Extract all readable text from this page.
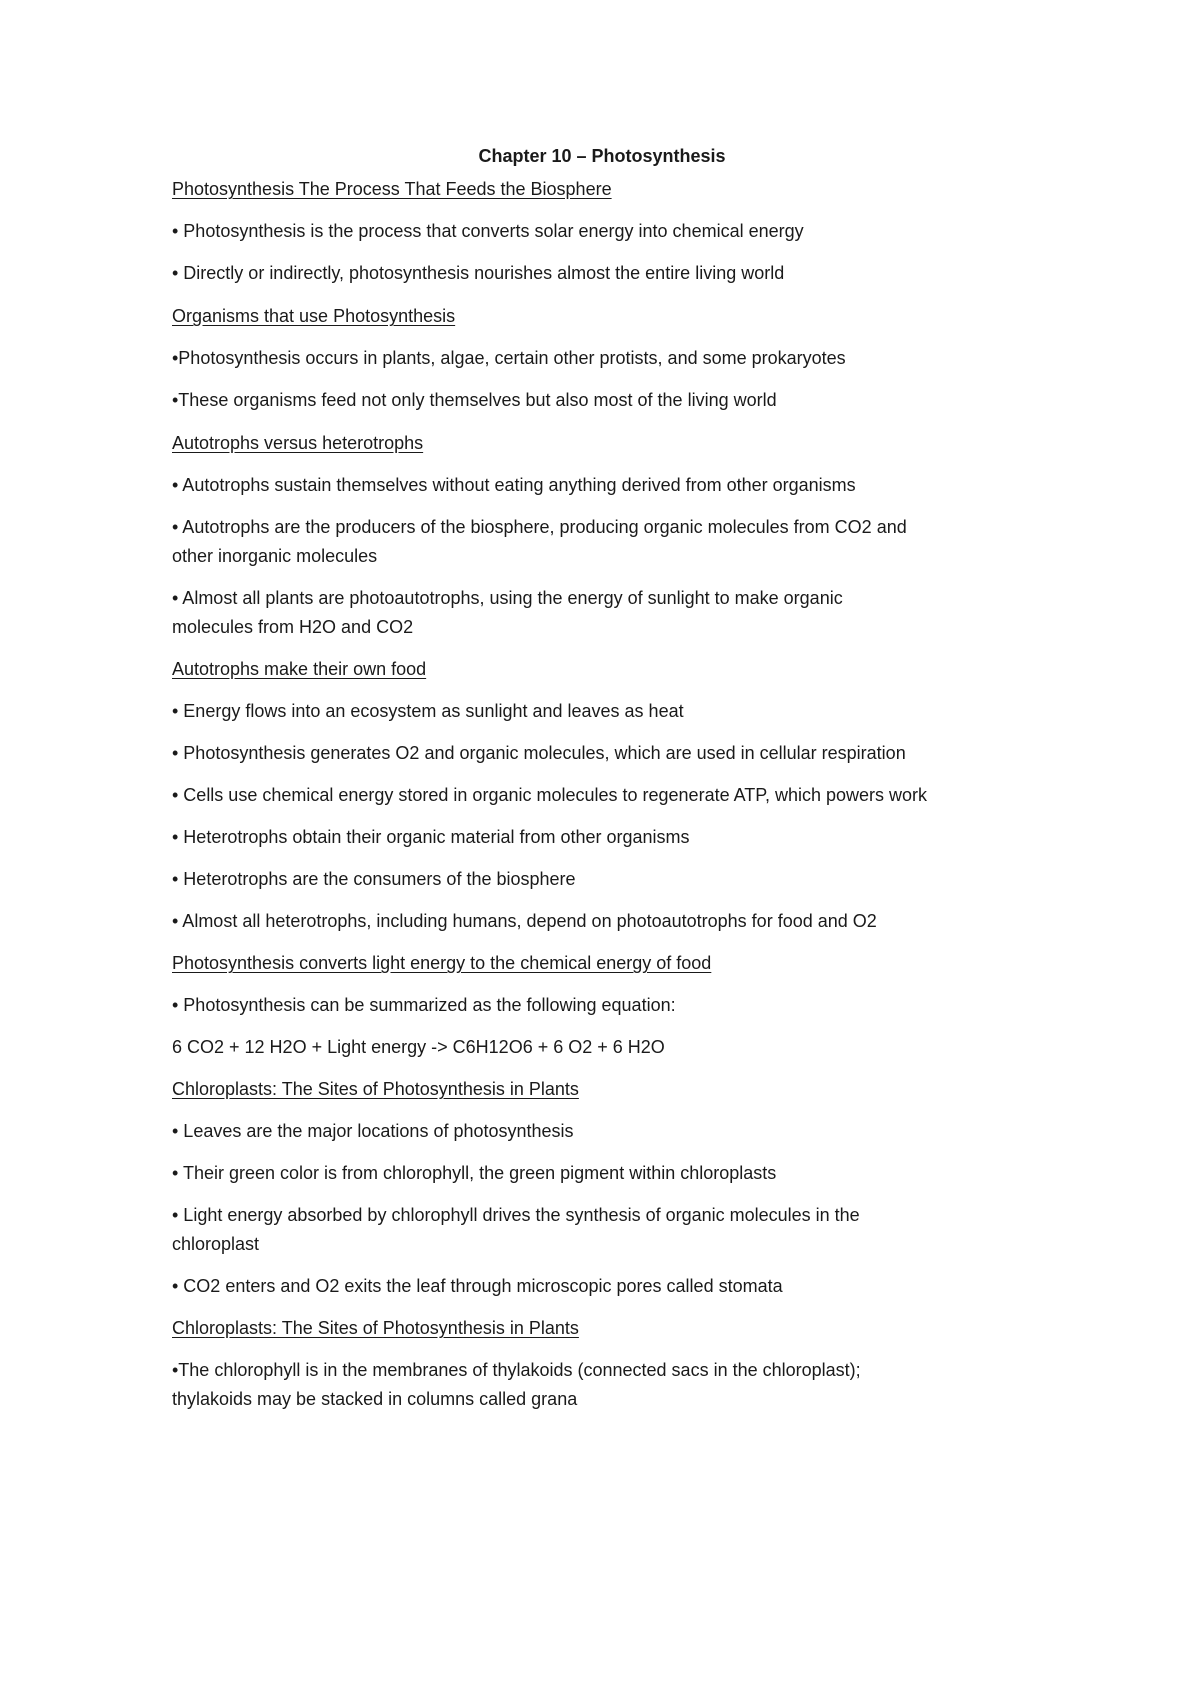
Chapter 10 – Photosynthesis
Photosynthesis The Process That Feeds the Biosphere
• Photosynthesis is the process that converts solar energy into chemical energy
• Directly or indirectly, photosynthesis nourishes almost the entire living world
Organisms that use Photosynthesis
•Photosynthesis occurs in plants, algae, certain other protists, and some prokaryotes
•These organisms feed not only themselves but also most of the living world
Autotrophs versus heterotrophs
• Autotrophs sustain themselves without eating anything derived from other organisms
• Autotrophs are the producers of the biosphere, producing organic molecules from CO2 and
other inorganic molecules
• Almost all plants are photoautotrophs, using the energy of sunlight to make organic
molecules from H2O and CO2
Autotrophs make their own food
• Energy flows into an ecosystem as sunlight and leaves as heat
• Photosynthesis generates O2 and organic molecules, which are used in cellular respiration
• Cells use chemical energy stored in organic molecules to regenerate ATP, which powers work
• Heterotrophs obtain their organic material from other organisms
• Heterotrophs are the consumers of the biosphere
• Almost all heterotrophs, including humans, depend on photoautotrophs for food and O2
Photosynthesis converts light energy to the chemical energy of food
• Photosynthesis can be summarized as the following equation:
6 CO2 + 12 H2O + Light energy -> C6H12O6 + 6 O2 + 6 H2O
Chloroplasts: The Sites of Photosynthesis in Plants
• Leaves are the major locations of photosynthesis
• Their green color is from chlorophyll, the green pigment within chloroplasts
• Light energy absorbed by chlorophyll drives the synthesis of organic molecules in the
chloroplast
• CO2 enters and O2 exits the leaf through microscopic pores called stomata
Chloroplasts: The Sites of Photosynthesis in Plants
•The chlorophyll is in the membranes of thylakoids (connected sacs in the chloroplast);
thylakoids may be stacked in columns called grana
